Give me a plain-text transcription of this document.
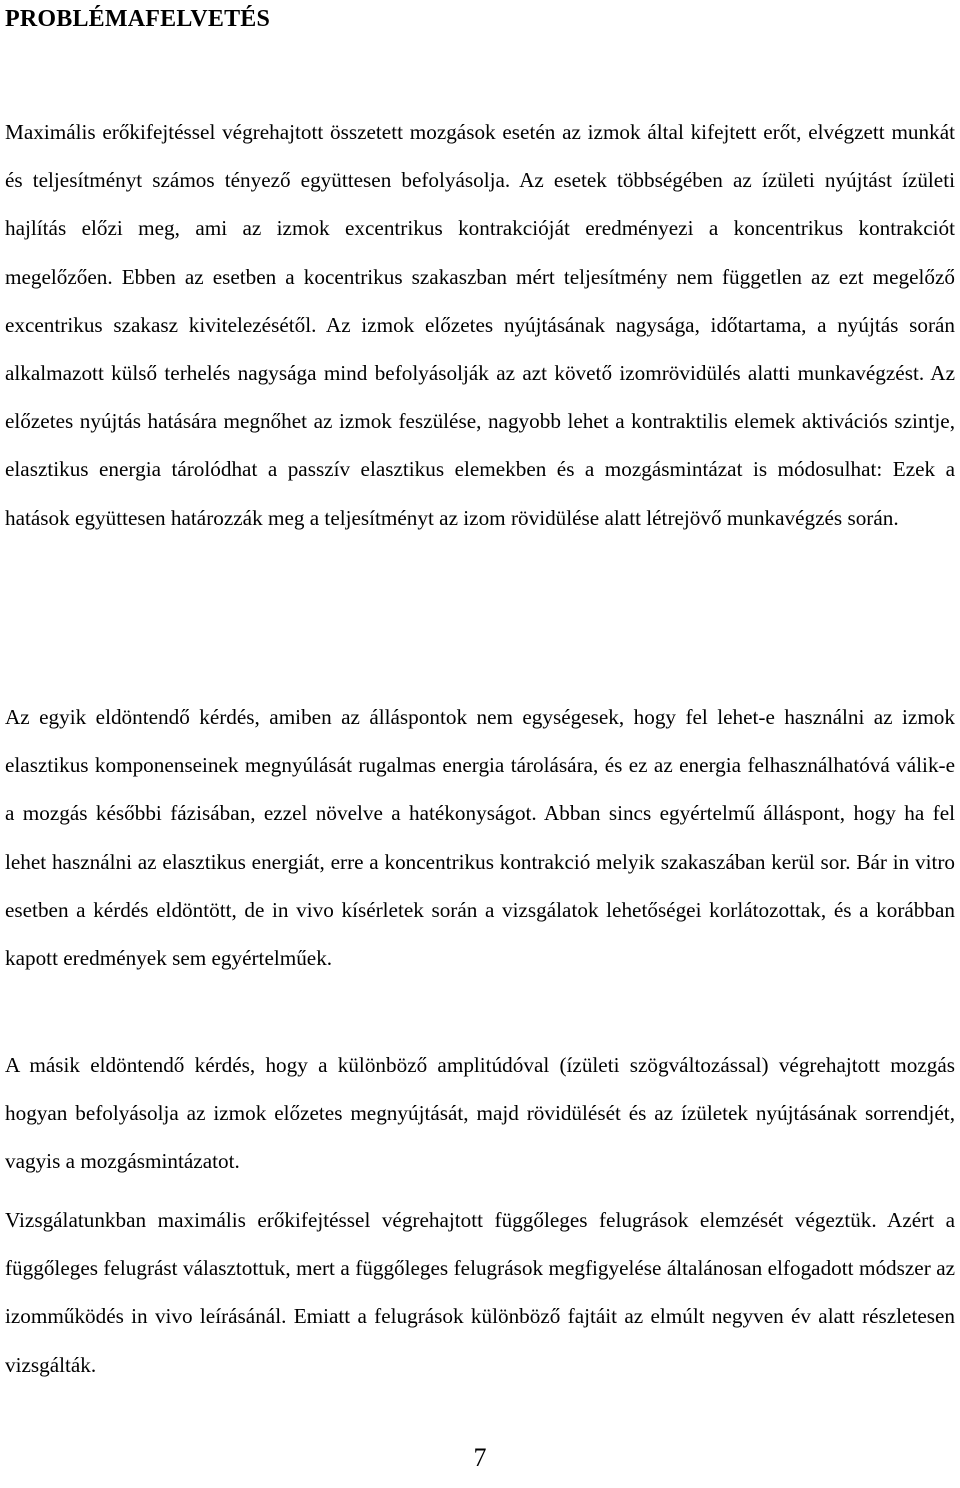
PROBLÉMAFELVETÉS

Maximális erőkifejtéssel végrehajtott összetett mozgások esetén az izmok által kifejtett erőt, elvégzett munkát és teljesítményt számos tényező együttesen befolyásolja. Az esetek többségében az ízületi nyújtást ízületi hajlítás előzi meg, ami az izmok excentrikus kontrakcióját eredményezi a koncentrikus kontrakciót megelőzően. Ebben az esetben a kocentrikus szakaszban mért teljesítmény nem független az ezt megelőző excentrikus szakasz kivitelezésétől. Az izmok előzetes nyújtásának nagysága, időtartama, a nyújtás során alkalmazott külső terhelés nagysága mind befolyásolják az azt követő izomrövidülés alatti munkavégzést. Az előzetes nyújtás hatására megnőhet az izmok feszülése, nagyobb lehet a kontraktilis elemek aktivációs szintje, elasztikus energia tárolódhat a passzív elasztikus elemekben és a mozgásmintázat is módosulhat: Ezek a hatások együttesen határozzák meg a teljesítményt az izom rövidülése alatt létrejövő munkavégzés során.

Az egyik eldöntendő kérdés, amiben az álláspontok nem egységesek, hogy fel lehet-e használni az izmok elasztikus komponenseinek megnyúlását rugalmas energia tárolására, és ez az energia felhasználhatóvá válik-e a mozgás későbbi fázisában, ezzel növelve a hatékonyságot. Abban sincs egyértelmű álláspont, hogy ha fel lehet használni az elasztikus energiát, erre a koncentrikus kontrakció melyik szakaszában kerül sor. Bár in vitro esetben a kérdés eldöntött, de in vivo kísérletek során a vizsgálatok lehetőségei korlátozottak, és a korábban kapott eredmények sem egyértelműek.

A másik eldöntendő kérdés, hogy a különböző amplitúdóval (ízületi szögváltozással) végrehajtott mozgás hogyan befolyásolja az izmok előzetes megnyújtását, majd rövidülését és az ízületek nyújtásának sorrendjét, vagyis a mozgásmintázatot.

Vizsgálatunkban maximális erőkifejtéssel végrehajtott függőleges felugrások elemzését végeztük. Azért a függőleges felugrást választottuk, mert a függőleges felugrások megfigyelése általánosan elfogadott módszer az izomműködés in vivo leírásánál. Emiatt a felugrások különböző fajtáit az elmúlt negyven év alatt részletesen vizsgálták.

7
